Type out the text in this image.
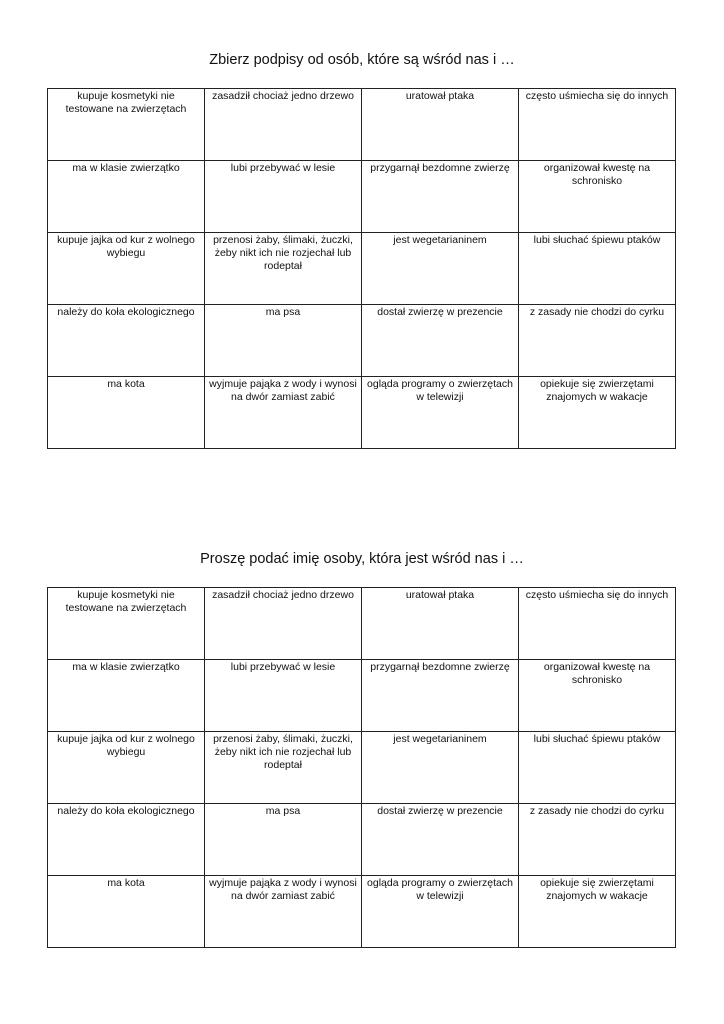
Zbierz podpisy od osób, które są wśród nas i …
kupuje kosmetyki nie testowane na zwierzętach	zasadził chociaż jedno drzewo	uratował ptaka	często uśmiecha się do innych
ma w klasie zwierzątko	lubi przebywać w lesie	przygarnął bezdomne zwierzę	organizował kwestę na schronisko
kupuje jajka od kur z wolnego wybiegu	przenosi żaby, ślimaki, żuczki, żeby nikt ich nie rozjechał lub rodeptał	jest wegetarianinem	lubi słuchać śpiewu ptaków
należy do koła ekologicznego	ma psa	dostał zwierzę w prezencie	z zasady nie chodzi do cyrku
ma kota	wyjmuje pająka z wody i wynosi na dwór zamiast zabić	ogląda programy o zwierzętach w telewizji	opiekuje się zwierzętami znajomych w wakacje
Proszę podać imię osoby, która jest wśród nas i …
kupuje kosmetyki nie testowane na zwierzętach	zasadził chociaż jedno drzewo	uratował ptaka	często uśmiecha się do innych
ma w klasie zwierzątko	lubi przebywać w lesie	przygarnął bezdomne zwierzę	organizował kwestę na schronisko
kupuje jajka od kur z wolnego wybiegu	przenosi żaby, ślimaki, żuczki, żeby nikt ich nie rozjechał lub rodeptał	jest wegetarianinem	lubi słuchać śpiewu ptaków
należy do koła ekologicznego	ma psa	dostał zwierzę w prezencie	z zasady nie chodzi do cyrku
ma kota	wyjmuje pająka z wody i wynosi na dwór zamiast zabić	ogląda programy o zwierzętach w telewizji	opiekuje się zwierzętami znajomych w wakacje
